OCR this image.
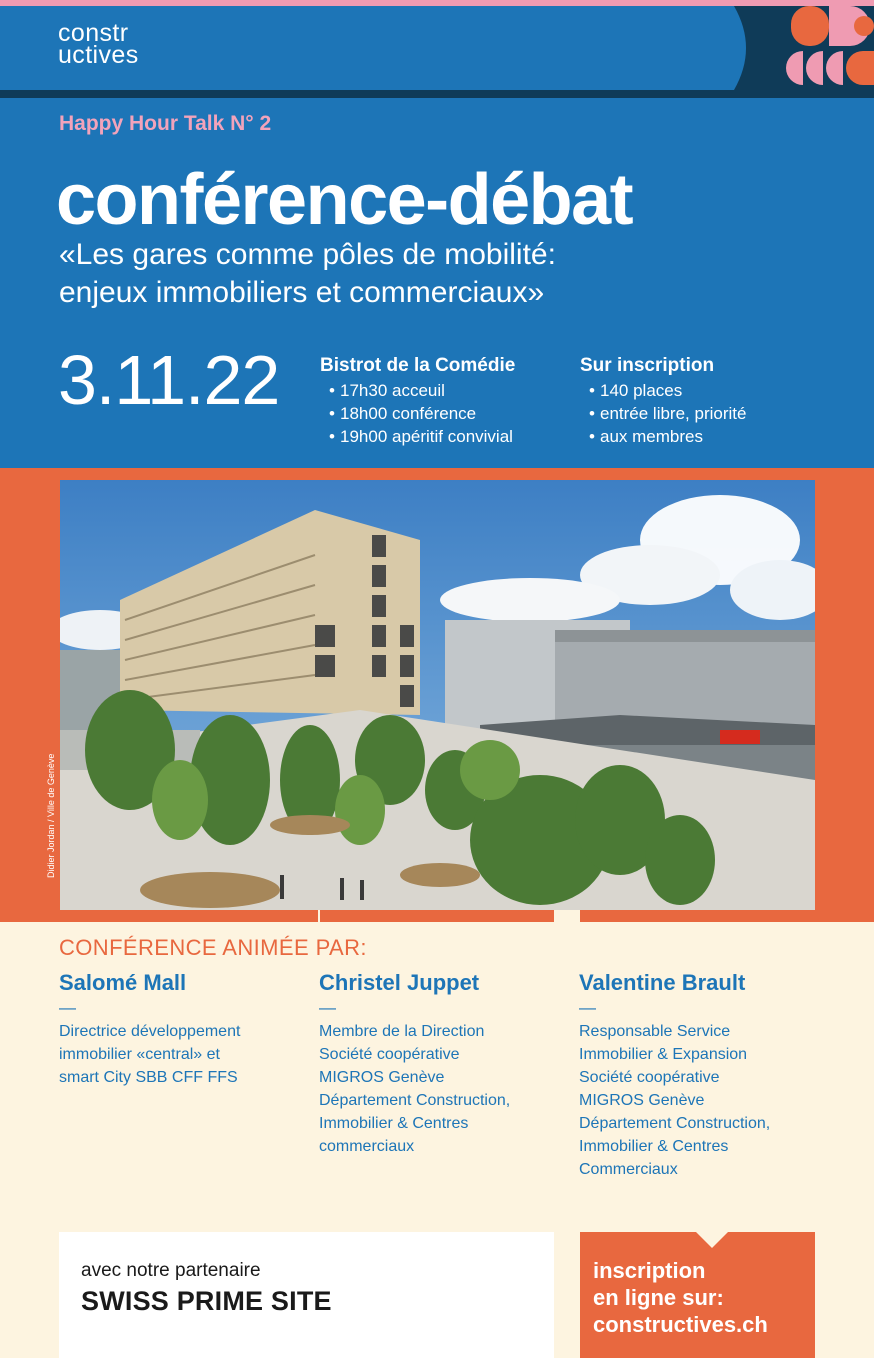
constr
uctives
Happy Hour Talk N° 2
conférence-débat
«Les gares comme pôles de mobilité:
enjeux immobiliers et commerciaux»
3.11.22 Bistrot de la Comédie
• 17h30 acceuil
• 18h00 conférence
• 19h00 apéritif convivial
Sur inscription
• 140 places
• entrée libre, priorité
• aux membres
Didier Jordan / Ville de Genève
CONFÉRENCE ANIMÉE PAR:
Salomé Mall
—

Directrice développement

immobilier «central» et

smart City SBB CFF FFS

Christel Juppet
—

Membre de la Direction

Société coopérative

MIGROS Genève

Département Construction,

Immobilier & Centres

commerciaux

Valentine Brault
—

Responsable Service

Immobilier & Expansion

Société coopérative

MIGROS Genève

Département Construction,

Immobilier & Centres

Commerciaux

avec notre partenaire
SWISS PRIME SITE
inscription
en ligne sur:
constructives.ch
